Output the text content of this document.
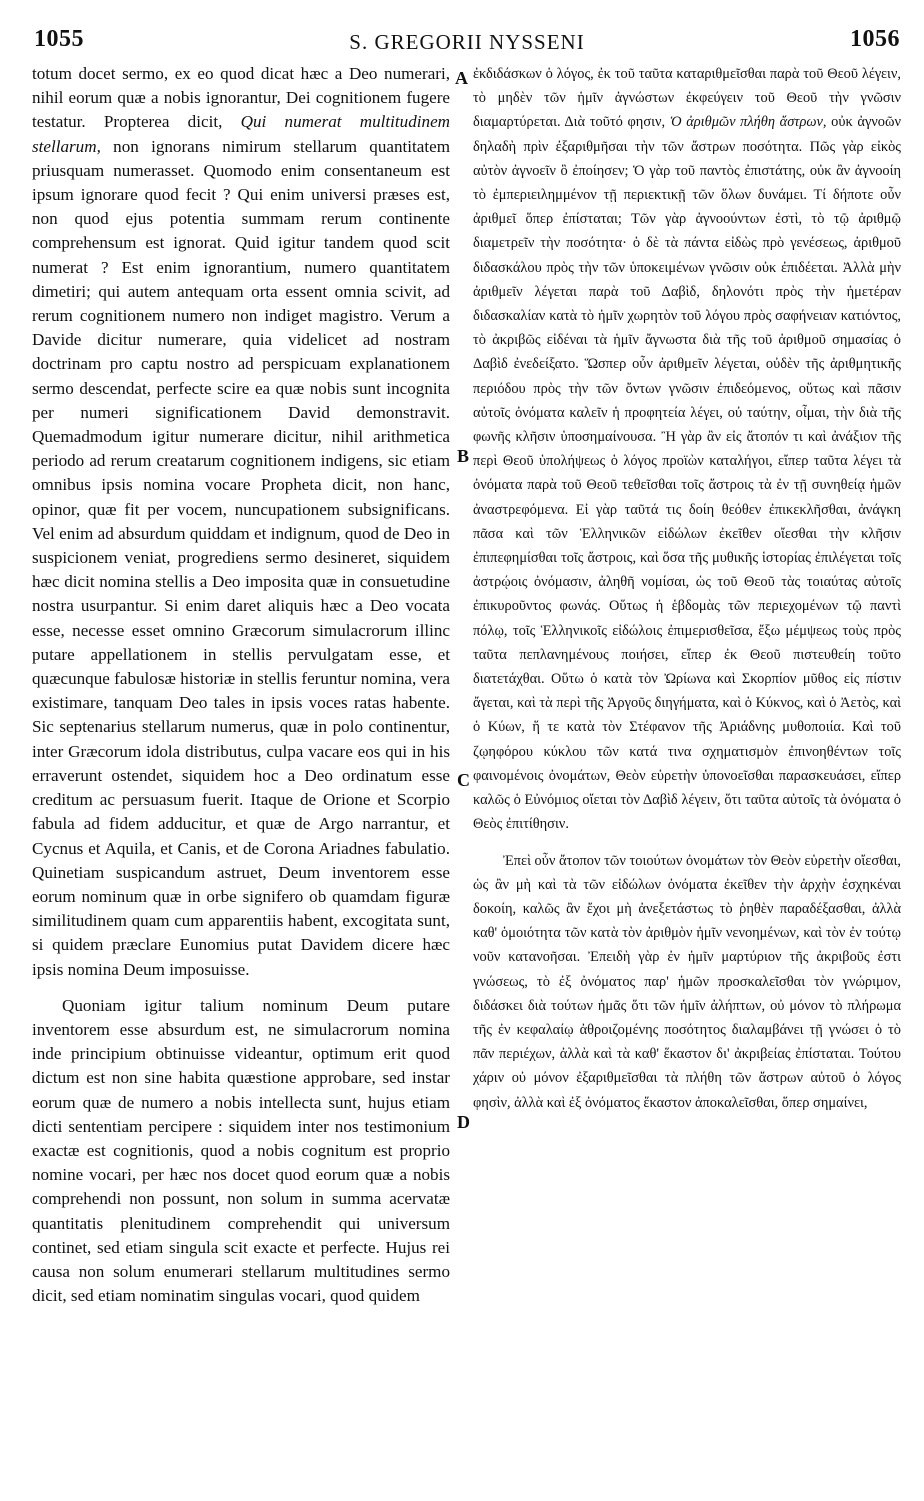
1055	S. GREGORII NYSSENI	1056

totum docet sermo, ex eo quod dicat hæc a Deo numerari, nihil eorum quæ a nobis ignorantur, Dei cognitionem fugere testatur. Propterea dicit, Qui numerat multitudinem stellarum, non ignorans nimirum stellarum quantitatem priusquam numerasset. Quomodo enim consentaneum est ipsum ignorare quod fecit ? Qui enim universi præses est, non quod ejus potentia summam rerum continente comprehensum est ignorat. Quid igitur tandem quod scit numerat ? Est enim ignorantium, numero quantitatem dimetiri; qui autem antequam orta essent omnia scivit, ad rerum cognitionem numero non indiget magistro. Verum a Davide dicitur numerare, quia videlicet ad nostram doctrinam pro captu nostro ad perspicuam explanationem sermo descendat, perfecte scire ea quæ nobis sunt incognita per numeri significationem David demonstravit. Quemadmodum igitur numerare dicitur, nihil arithmetica periodo ad rerum creatarum cognitionem indigens, sic etiam omnibus ipsis nomina vocare Propheta dicit, non hanc, opinor, quæ fit per vocem, nuncupationem subsignificans. Vel enim ad absurdum quiddam et indignum, quod de Deo in suspicionem veniat, progrediens sermo desineret, siquidem hæc dicit nomina stellis a Deo imposita quæ in consuetudine nostra usurpantur. Si enim daret aliquis hæc a Deo vocata esse, necesse esset omnino Græcorum simulacrorum illinc putare appellationem in stellis pervulgatam esse, et quæcunque fabulosæ historiæ in stellis feruntur nomina, vera existimare, tanquam Deo tales in ipsis voces ratas habente. Sic septenarius stellarum numerus, quæ in polo continentur, inter Græcorum idola distributus, culpa vacare eos qui in his erraverunt ostendet, siquidem hoc a Deo ordinatum esse creditum ac persuasum fuerit. Itaque de Orione et Scorpio fabula ad fidem adducitur, et quæ de Argo narrantur, et Cycnus et Aquila, et Canis, et de Corona Ariadnes fabulatio. Quinetiam suspicandum astruet, Deum inventorem esse eorum nominum quæ in orbe signifero ob quamdam figuræ similitudinem quam cum apparentiis habent, excogitata sunt, si quidem præclare Eunomius putat Davidem dicere hæc ipsis nomina Deum imposuisse.

Quoniam igitur talium nominum Deum putare inventorem esse absurdum est, ne simulacrorum nomina inde principium obtinuisse videantur, optimum erit quod dictum est non sine habita quæstione approbare, sed instar eorum quæ de numero a nobis intellecta sunt, hujus etiam dicti sententiam percipere : siquidem inter nos testimonium exactæ est cognitionis, quod a nobis cognitum est proprio nomine vocari, per hæc nos docet quod eorum quæ a nobis comprehendi non possunt, non solum in summa acervatæ quantitatis plenitudinem comprehendit qui universum continet, sed etiam singula scit exacte et perfecte. Hujus rei causa non solum enumerari stellarum multitudines sermo dicit, sed etiam nominatim singulas vocari, quod quidem

A
B
C
D

ἐκδιδάσκων ὁ λόγος, ἐκ τοῦ ταῦτα καταριθμεῖσθαι παρὰ τοῦ Θεοῦ λέγειν, τὸ μηδὲν τῶν ἡμῖν ἀγνώστων ἐκφεύγειν τοῦ Θεοῦ τὴν γνῶσιν διαμαρτύρεται. Διὰ τοῦτό φησιν, Ὁ ἀριθμῶν πλήθη ἄστρων, οὐκ ἀγνοῶν δηλαδὴ πρὶν ἐξαριθμῆσαι τὴν τῶν ἄστρων ποσότητα. Πῶς γὰρ εἰκὸς αὐτὸν ἀγνοεῖν ὃ ἐποίησεν; Ὁ γὰρ τοῦ παντὸς ἐπιστάτης, οὐκ ἂν ἀγνοοίη τὸ ἐμπεριειλημμένον τῇ περιεκτικῇ τῶν ὅλων δυνάμει. Τί δήποτε οὖν ἀριθμεῖ ὅπερ ἐπίσταται; Τῶν γὰρ ἀγνοούντων ἐστὶ, τὸ τῷ ἀριθμῷ διαμετρεῖν τὴν ποσότητα· ὁ δὲ τὰ πάντα εἰδὼς πρὸ γενέσεως, ἀριθμοῦ διδασκάλου πρὸς τὴν τῶν ὑποκειμένων γνῶσιν οὐκ ἐπιδέεται. Ἀλλὰ μὴν ἀριθμεῖν λέγεται παρὰ τοῦ Δαβὶδ, δηλονότι πρὸς τὴν ἡμετέραν διδασκαλίαν κατὰ τὸ ἡμῖν χωρητὸν τοῦ λόγου πρὸς σαφήνειαν κατιόντος, τὸ ἀκριβῶς εἰδέναι τὰ ἡμῖν ἄγνωστα διὰ τῆς τοῦ ἀριθμοῦ σημασίας ὁ Δαβὶδ ἐνεδείξατο. Ὥσπερ οὖν ἀριθμεῖν λέγεται, οὐδὲν τῆς ἀριθμητικῆς περιόδου πρὸς τὴν τῶν ὄντων γνῶσιν ἐπιδεόμενος, οὕτως καὶ πᾶσιν αὐτοῖς ὀνόματα καλεῖν ἡ προφητεία λέγει, οὐ ταύτην, οἶμαι, τὴν διὰ τῆς φωνῆς κλῆσιν ὑποσημαίνουσα. Ἢ γὰρ ἂν εἰς ἄτοπόν τι καὶ ἀνάξιον τῆς περὶ Θεοῦ ὑπολήψεως ὁ λόγος προϊὼν καταλήγοι, εἴπερ ταῦτα λέγει τὰ ὀνόματα παρὰ τοῦ Θεοῦ τεθεῖσθαι τοῖς ἄστροις τὰ ἐν τῇ συνηθείᾳ ἡμῶν ἀναστρεφόμενα. Εἰ γὰρ ταῦτά τις δοίη θεόθεν ἐπικεκλῆσθαι, ἀνάγκη πᾶσα καὶ τῶν Ἑλληνικῶν εἰδώλων ἐκεῖθεν οἴεσθαι τὴν κλῆσιν ἐπιπεφημίσθαι τοῖς ἄστροις, καὶ ὅσα τῆς μυθικῆς ἱστορίας ἐπιλέγεται τοῖς ἀστρῴοις ὀνόμασιν, ἀληθῆ νομίσαι, ὡς τοῦ Θεοῦ τὰς τοιαύτας αὐτοῖς ἐπικυροῦντος φωνάς. Οὕτως ἡ ἑβδομὰς τῶν περιεχομένων τῷ παντὶ πόλῳ, τοῖς Ἑλληνικοῖς εἰδώλοις ἐπιμερισθεῖσα, ἔξω μέμψεως τοὺς πρὸς ταῦτα πεπλανημένους ποιήσει, εἴπερ ἐκ Θεοῦ πιστευθείη τοῦτο διατετάχθαι. Οὕτω ὁ κατὰ τὸν Ὠρίωνα καὶ Σκορπίον μῦθος εἰς πίστιν ἄγεται, καὶ τὰ περὶ τῆς Ἀργοῦς διηγήματα, καὶ ὁ Κύκνος, καὶ ὁ Ἀετὸς, καὶ ὁ Κύων, ἥ τε κατὰ τὸν Στέφανον τῆς Ἀριάδνης μυθοποιία. Καὶ τοῦ ζῳηφόρου κύκλου τῶν κατά τινα σχηματισμὸν ἐπινοηθέντων τοῖς φαινομένοις ὀνομάτων, Θεὸν εὑρετὴν ὑπονοεῖσθαι παρασκευάσει, εἴπερ καλῶς ὁ Εὐνόμιος οἴεται τὸν Δαβὶδ λέγειν, ὅτι ταῦτα αὐτοῖς τὰ ὀνόματα ὁ Θεὸς ἐπιτίθησιν.

Ἐπεὶ οὖν ἄτοπον τῶν τοιούτων ὀνομάτων τὸν Θεὸν εὑρετὴν οἴεσθαι, ὡς ἂν μὴ καὶ τὰ τῶν εἰδώλων ὀνόματα ἐκεῖθεν τὴν ἀρχὴν ἐσχηκέναι δοκοίη, καλῶς ἂν ἔχοι μὴ ἀνεξετάστως τὸ ῥηθὲν παραδέξασθαι, ἀλλὰ καθ' ὁμοιότητα τῶν κατὰ τὸν ἀριθμὸν ἡμῖν νενοημένων, καὶ τὸν ἐν τούτῳ νοῦν κατανοῆσαι. Ἐπειδὴ γὰρ ἐν ἡμῖν μαρτύριον τῆς ἀκριβοῦς ἐστι γνώσεως, τὸ ἐξ ὀνόματος παρ' ἡμῶν προσκαλεῖσθαι τὸν γνώριμον, διδάσκει διὰ τούτων ἡμᾶς ὅτι τῶν ἡμῖν ἀλήπτων, οὐ μόνον τὸ πλήρωμα τῆς ἐν κεφαλαίῳ ἀθροιζομένης ποσότητος διαλαμβάνει τῇ γνώσει ὁ τὸ πᾶν περιέχων, ἀλλὰ καὶ τὰ καθ' ἕκαστον δι' ἀκριβείας ἐπίσταται. Τούτου χάριν οὐ μόνον ἐξαριθμεῖσθαι τὰ πλήθη τῶν ἄστρων αὐτοῦ ὁ λόγος φησὶν, ἀλλὰ καὶ ἐξ ὀνόματος ἕκαστον ἀποκαλεῖσθαι, ὅπερ σημαίνει,
